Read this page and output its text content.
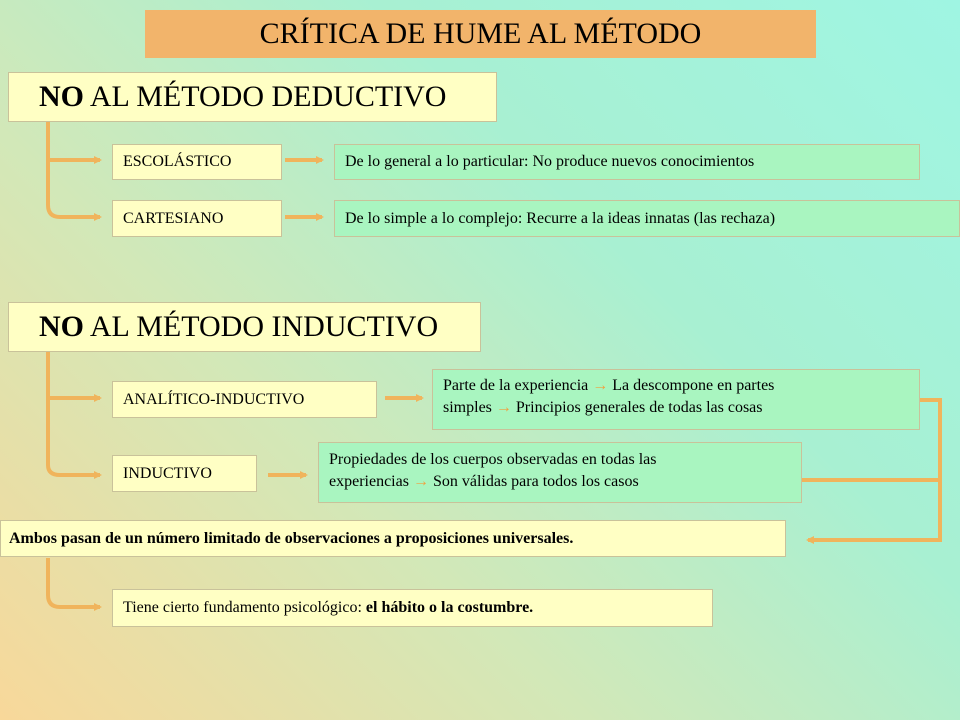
CRÍTICA DE HUME AL MÉTODO
NO AL MÉTODO DEDUCTIVO
ESCOLÁSTICO	De lo general a lo particular: No produce nuevos conocimientos
CARTESIANO	De lo simple a lo complejo: Recurre a la ideas innatas (las rechaza)
NO AL MÉTODO INDUCTIVO
ANALÍTICO-INDUCTIVO
Parte de la experiencia → La descompone en partes
simples → Principios generales de todas las cosas
INDUCTIVO
Propiedades de los cuerpos observadas en todas las
experiencias → Son válidas para todos los casos
Ambos pasan de un número limitado de observaciones a proposiciones universales.
Tiene cierto fundamento psicológico: el hábito o la costumbre.
